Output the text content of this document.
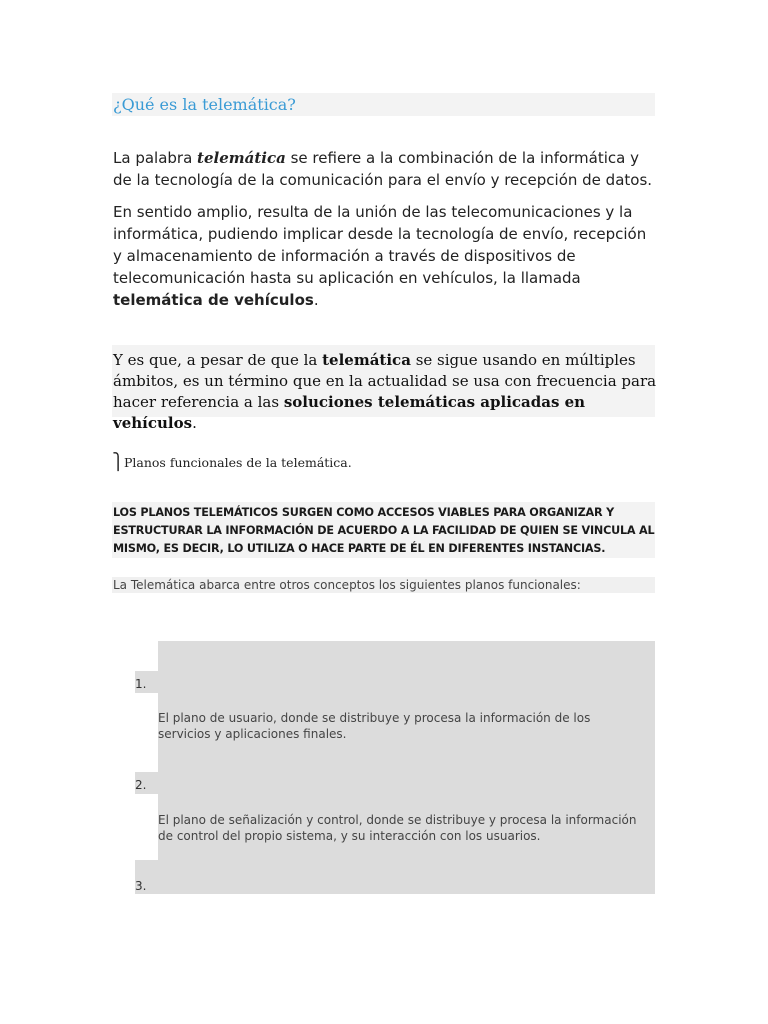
¿Qué es la telemática?
La palabra telemática se refiere a la combinación de la informática y de la tecnología de la comunicación para el envío y recepción de datos.
En sentido amplio, resulta de la unión de las telecomunicaciones y la informática, pudiendo implicar desde la tecnología de envío, recepción y almacenamiento de información a través de dispositivos de telecomunicación hasta su aplicación en vehículos, la llamada telemática de vehículos.
Y es que, a pesar de que la telemática se sigue usando en múltiples ámbitos, es un término que en la actualidad se usa con frecuencia para hacer referencia a las soluciones telemáticas aplicadas en vehículos.
⎫Planos funcionales de la telemática.
LOS PLANOS TELEMÁTICOS SURGEN COMO ACCESOS VIABLES PARA ORGANIZAR Y
ESTRUCTURAR LA INFORMACIÓN DE ACUERDO A LA FACILIDAD DE QUIEN SE VINCULA AL
MISMO, ES DECIR, LO UTILIZA O HACE PARTE DE ÉL EN DIFERENTES INSTANCIAS.
La Telemática abarca entre otros conceptos los siguientes planos funcionales:
1.
El plano de usuario, donde se distribuye y procesa la información de los servicios y aplicaciones finales.
2.
El plano de señalización y control, donde se distribuye y procesa la información de control del propio sistema, y su interacción con los usuarios.
3.
